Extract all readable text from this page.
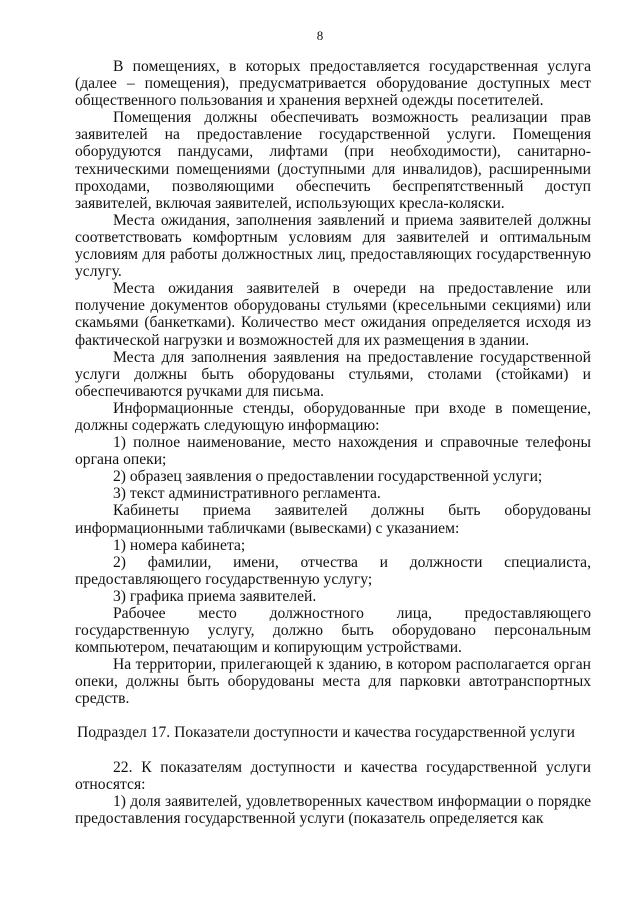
8

В помещениях, в которых предоставляется государственная услуга (далее – помещения), предусматривается оборудование доступных мест общественного пользования и хранения верхней одежды посетителей.

Помещения должны обеспечивать возможность реализации прав заявителей на предоставление государственной услуги. Помещения оборудуются пандусами, лифтами (при необходимости), санитарно-техническими помещениями (доступными для инвалидов), расширенными проходами, позволяющими обеспечить беспрепятственный доступ заявителей, включая заявителей, использующих кресла-коляски.

Места ожидания, заполнения заявлений и приема заявителей должны соответствовать комфортным условиям для заявителей и оптимальным условиям для работы должностных лиц, предоставляющих государственную услугу.

Места ожидания заявителей в очереди на предоставление или получение документов оборудованы стульями (кресельными секциями) или скамьями (банкетками). Количество мест ожидания определяется исходя из фактической нагрузки и возможностей для их размещения в здании.

Места для заполнения заявления на предоставление государственной услуги должны быть оборудованы стульями, столами (стойками) и обеспечиваются ручками для письма.

Информационные стенды, оборудованные при входе в помещение, должны содержать следующую информацию:

1) полное наименование, место нахождения и справочные телефоны органа опеки;

2) образец заявления о предоставлении государственной услуги;

3) текст административного регламента.

Кабинеты приема заявителей должны быть оборудованы информационными табличками (вывесками) с указанием:

1) номера кабинета;

2) фамилии, имени, отчества и должности специалиста, предоставляющего государственную услугу;

3) графика приема заявителей.

Рабочее место должностного лица, предоставляющего государственную услугу, должно быть оборудовано персональным компьютером, печатающим и копирующим устройствами.

На территории, прилегающей к зданию, в котором располагается орган опеки, должны быть оборудованы места для парковки автотранспортных средств.

Подраздел 17. Показатели доступности и качества государственной услуги

22. К показателям доступности и качества государственной услуги относятся:

1) доля заявителей, удовлетворенных качеством информации о порядке предоставления государственной услуги (показатель определяется как
